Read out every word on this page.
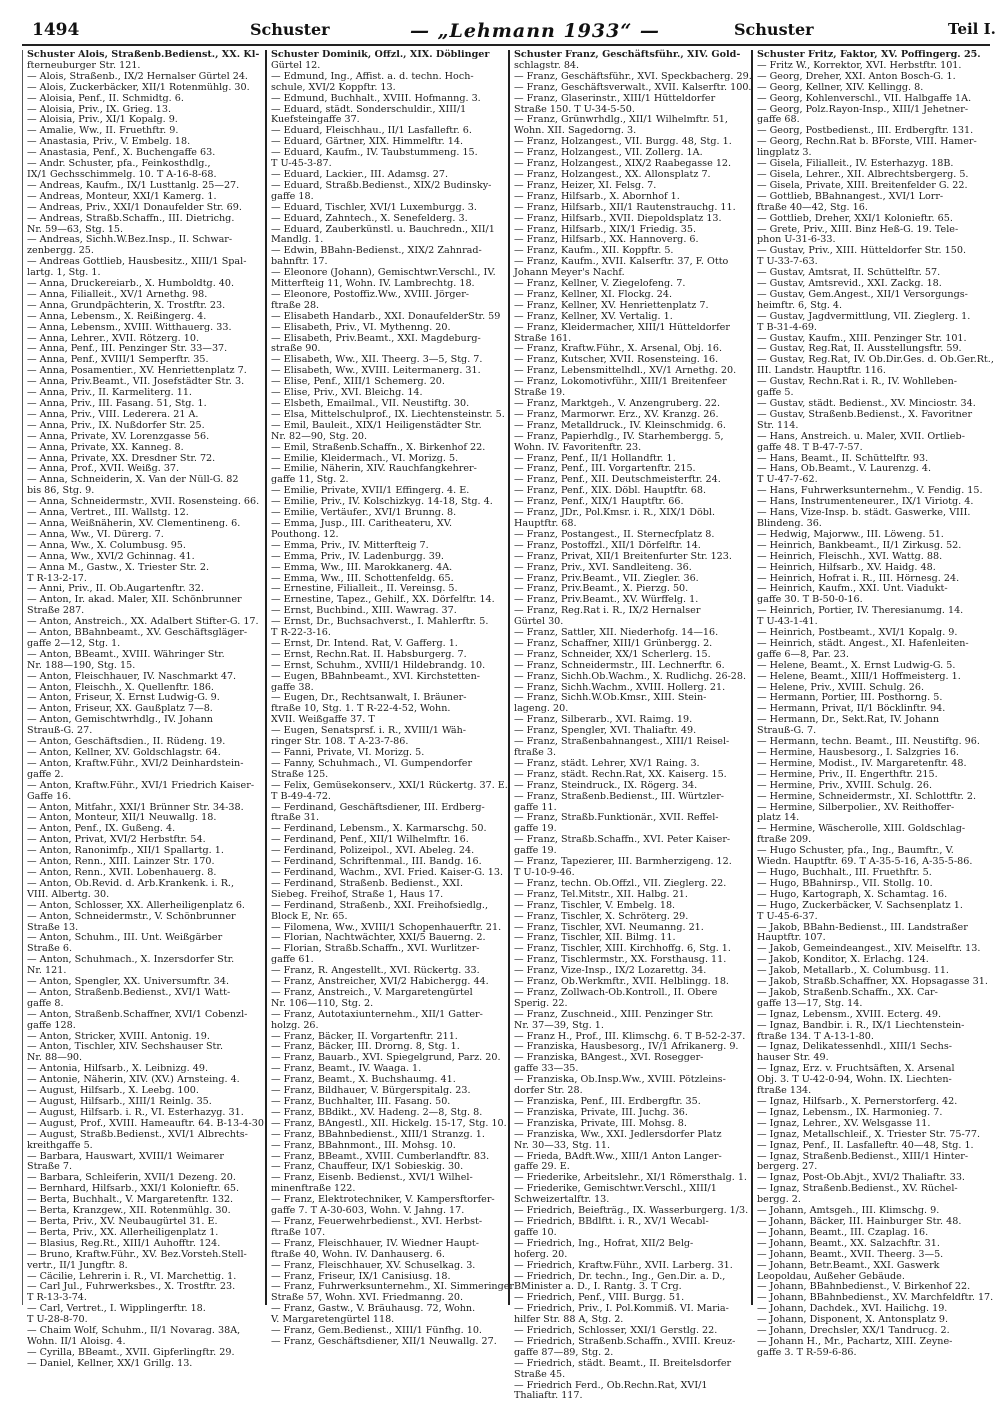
1494	Schuster	— „Lehmann 1933“ —	Schuster	Teil I.
Schuster Alois, Straßenb.Bedienst., XX. Kl-
fterneuburger Str. 121.
— Alois, Straßenb., IX/2 Hernalser Gürtel 24.
— Alois, Zuckerbäcker, XII/1 Rotenmühlg. 30.
— Aloisia, Penf., II. Schmidtg. 6.
— Aloisia, Priv., IX. Grieg. 13.
— Aloisia, Priv., XI/1 Kopalg. 9.
— Amalie, Ww., II. Fruethftr. 9.
— Anastasia, Priv., V. Embelg. 18.
— Anastasia, Penf., X. Buchengaffe 63.
— Andr. Schuster, pfa., Feinkosthdlg.,
IX/1 Gechsschimmelg. 10. T A-16-8-68.
— Andreas, Kaufm., IX/1 Lusttanlg. 25—27.
— Andreas, Monteur, XXI/1 Kamerg. 1.
— Andreas, Priv., XXI/1 Donaufelder Str. 69.
— Andreas, Straßb.Schaffn., III. Dietrichg.
Nr. 59—63, Stg. 15.
— Andreas, Sichh.W.Bez.Insp., II. Schwar-
zenbergg. 25.
— Andreas Gottlieb, Hausbesitz., XIII/1 Spal-
lartg. 1, Stg. 1.
— Anna, Druckereiarb., X. Humboldtg. 40.
— Anna, Filialleit., XV/1 Arnethg. 98.
— Anna, Grundpächterin, X. Trostftr. 23.
— Anna, Lebensm., X. Reißingerg. 4.
— Anna, Lebensm., XVIII. Witthauerg. 33.
— Anna, Lehrer., XVII. Rötzerg. 10.
— Anna, Penf., III. Penzinger Str. 33—37.
— Anna, Penf., XVIII/1 Semperftr. 35.
— Anna, Posamentier., XV. Henriettenplatz 7.
— Anna, Priv.Beamt., VII. Josefstädter Str. 3.
— Anna, Priv., II. Karmeliterg. 11.
— Anna, Priv., III. Fasang. 51, Stg. 1.
— Anna, Priv., VIII. Lederera. 21 A.
— Anna, Priv., IX. Nußdorfer Str. 25.
— Anna, Private, XV. Lorenzgasse 56.
— Anna, Private, XX. Kanneg. 8.
— Anna, Private, XX. Dresdner Str. 72.
— Anna, Prof., XVII. Weißg. 37.
— Anna, Schneiderin, X. Van der Nüll-G. 82
bis 86, Stg. 9.
— Anna, Schneidermstr., XVII. Rosensteing. 66.
— Anna, Vertret., III. Wallstg. 12.
— Anna, Weißnäherin, XV. Clementineng. 6.
— Anna, Ww., VI. Dürerg. 7.
— Anna, Ww., X. Columbusg. 95.
— Anna, Ww., XVI/2 Gchinnag. 41.
— Anna M., Gastw., X. Triester Str. 2.
T R-13-2-17.
— Anni, Priv., II. Ob.Augartenftr. 32.
— Anton, Ir. akad. Maler, XII. Schönbrunner
Straße 287.
— Anton, Anstreich., XX. Adalbert Stifter-G. 17.
— Anton, BBahnbeamt., XV. Geschäftsgläger-
gaffe 2—12, Stg. 1.
— Anton, BBeamt., XVIII. Währinger Str.
Nr. 188—190, Stg. 15.
— Anton, Fleischhauer, IV. Naschmarkt 47.
— Anton, Fleischh., X. Quellenftr. 186.
— Anton, Friseur, X. Ernst Ludwig-G. 9.
— Anton, Friseur, XX. Gaußplatz 7—8.
— Anton, Gemischtwrhdlg., IV. Johann
Strauß-G. 27.
— Anton, Geschäftsdien., II. Rüdeng. 19.
— Anton, Kellner, XV. Goldschlagstr. 64.
— Anton, Kraftw.Führ., XVI/2 Deinhardstein-
gaffe 2.
— Anton, Kraftw.Führ., XVI/1 Friedrich Kaiser-
Gaffe 16.
— Anton, Mitfahr., XXI/1 Brünner Str. 34-38.
— Anton, Monteur, XII/1 Neuwallg. 18.
— Anton, Penf., IX. Gußeng. 4.
— Anton, Privat, XVI/2 Herbstftr. 54.
— Anton, Ranonimfp., XII/1 Spallartg. 1.
— Anton, Renn., XIII. Lainzer Str. 170.
— Anton, Renn., XVII. Lobenhauerg. 8.
— Anton, Ob.Revid. d. Arb.Krankenk. i. R.,
VIII. Albertg. 30.
— Anton, Schlosser, XX. Allerheiligenplatz 6.
— Anton, Schneidermstr., V. Schönbrunner
Straße 13.
— Anton, Schuhm., III. Unt. Weißgärber
Straße 6.
— Anton, Schuhmach., X. Inzersdorfer Str.
Nr. 121.
— Anton, Spengler, XX. Universumftr. 34.
— Anton, Straßenb.Bedienst., XVI/1 Watt-
gaffe 8.
— Anton, Straßenb.Schaffner, XVI/1 Cobenzl-
gaffe 128.
— Anton, Stricker, XVIII. Antonig. 19.
— Anton, Tischler, XIV. Sechshauser Str.
Nr. 88—90.
— Antonia, Hilfsarb., X. Leibnizg. 49.
— Antonie, Näherin, XIV. (XV.) Arnsteing. 4.
— August, Hilfsarb., X. Leebg. 100.
— August, Hilfsarb., XIII/1 Reinlg. 35.
— August, Hilfsarb. i. R., VI. Esterhazyg. 31.
— August, Prof., XVIII. Hameauftr. 64. B-13-4-30
— August, Straßb.Bedienst., XVI/1 Albrechts-
kreithgaffe 5.
— Barbara, Hauswart, XVIII/1 Weimarer
Straße 7.
— Barbara, Schleiferin, XVII/1 Dezeng. 20.
— Bernhard, Hilfsarb., XXI/1 Kolonieftr. 65.
— Berta, Buchhalt., V. Margaretenftr. 132.
— Berta, Kranzgew., XII. Rotenmühlg. 30.
— Berta, Priv., XV. Neubaugürtel 31. E.
— Berta, Priv., XX. Allerheiligenplatz 1.
— Blasius, Reg.Rt., XIII/1 Auhofftr. 124.
— Bruno, Kraftw.Führ., XV. Bez.Vorsteh.Stell-
vertr., II/1 Jungftr. 8.
— Cäcilie, Lehrerin i. R., VI. Marchettig. 1.
— Carl Jul., Fuhrwerksbes., X. Trostftr. 23.
T R-13-3-74.
— Carl, Vertret., I. Wipplingerftr. 18.
T U-28-8-70.
— Chaim Wolf, Schuhm., II/1 Novarag. 38A,
Wohn. II/1 Aloisg. 4.
— Cyrilla, BBeamt., XVII. Gipferlingftr. 29.
— Daniel, Kellner, XX/1 Grillg. 13.
Schuster Dominik, Offzl., XIX. Döblinger
Gürtel 12.
— Edmund, Ing., Affist. a. d. techn. Hoch-
schule, XVI/2 Koppftr. 13.
— Edmund, Buchhalt., XVIII. Hofmanng. 3.
— Eduard, städt. Sonderschuldir., XIII/1
Kuefsteingaffe 37.
— Eduard, Fleischhau., II/1 Lasfalleftr. 6.
— Eduard, Gärtner, XIX. Himmelftr. 14.
— Eduard, Kaufm., IV. Taubstummeng. 15.
T U-45-3-87.
— Eduard, Lackier., III. Adamsg. 27.
— Eduard, Straßb.Bedienst., XIX/2 Budinsky-
gaffe 18.
— Eduard, Tischler, XVI/1 Luxemburgg. 3.
— Eduard, Zahntech., X. Senefelderg. 3.
— Eduard, Zauberkünstl. u. Bauchredn., XII/1
Mandlg. 1.
— Edwin, BBahn-Bedienst., XIX/2 Zahnrad-
bahnftr. 17.
— Eleonore (Johann), Gemischtwr.Verschl., IV.
Mitterfteig 11, Wohn. IV. Lambrechtg. 18.
— Eleonore, Postoffiz.Ww., XVIII. Jörger-
ftraße 28.
— Elisabeth Handarb., XXI. DonaufelderStr. 59
— Elisabeth, Priv., VI. Mythenng. 20.
— Elisabeth, Priv.Beamt., XXI. Magdeburg-
straße 90.
— Elisabeth, Ww., XII. Theerg. 3—5, Stg. 7.
— Elisabeth, Ww., XVIII. Leitermanerg. 31.
— Elise, Penf., XIII/1 Schemerg. 20.
— Elise, Priv., XVI. Bleichg. 14.
— Elsbeth, Emailmal., VII. Neustiftg. 30.
— Elsa, Mittelschulprof., IX. Liechtensteinstr. 5.
— Emil, Bauleit., XIX/1 Heiligenstädter Str.
Nr. 82—90, Stg. 20.
— Emil, Straßenb.Schaffn., X. Birkenhof 22.
— Emilie, Kleidermach., VI. Morizg. 5.
— Emilie, Näherin, XIV. Rauchfangkehrer-
gaffe 11, Stg. 2.
— Emilie, Private, XVII/1 Effingerg. 4. E.
— Emilie, Priv., IV. Kolschizkyg. 14-18, Stg. 4.
— Emilie, Vertäufer., XVI/1 Brunng. 8.
— Emma, Jusp., III. Caritheateru, XV.
Pouthong. 12.
— Emma, Priv., IV. Mitterfteig 7.
— Emma, Priv., IV. Ladenburgg. 39.
— Emma, Ww., III. Marokkanerg. 4A.
— Emma, Ww., III. Schottenfeldg. 65.
— Ernestine, Filialleit., II. Vereinsg. 5.
— Ernestine, Tapez., Gehilf., XX. Dörfelftr. 14.
— Ernst, Buchbind., XIII. Wawrag. 37.
— Ernst, Dr., Buchsachverst., I. Mahlerftr. 5.
T R-22-3-16.
— Ernst, Dr. Intend. Rat, V. Gafferg. 1.
— Ernst, Rechn.Rat. II. Habsburgerg. 7.
— Ernst, Schuhm., XVIII/1 Hildebrandg. 10.
— Eugen, BBahnbeamt., XVI. Kirchstetten-
gaffe 38.
— Eugen, Dr., Rechtsanwalt, I. Bräuner-
ftraße 10, Stg. 1. T R-22-4-52, Wohn.
XVII. Weißgaffe 37. T
— Eugen, Senatsprsf. i. R., XVIII/1 Wäh-
ringer Str. 108. T A-23-7-86.
— Fanni, Private, VI. Morizg. 5.
— Fanny, Schuhmach., VI. Gumpendorfer
Straße 125.
— Felix, Gemüsekonserv., XXI/1 Rückertg. 37. E.
T B-49-4-72.
— Ferdinand, Geschäftsdiener, III. Erdberg-
ftraße 31.
— Ferdinand, Lebensm., X. Karmarschg. 50.
— Ferdinand, Penf., XII/1 Wilhelmftr. 16.
— Ferdinand, Polizeipol., XVI. Abeleg. 24.
— Ferdinand, Schriftenmal., III. Bandg. 16.
— Ferdinand, Wachm., XVI. Fried. Kaiser-G. 13.
— Ferdinand, Straßenb. Bedienst., XXI.
Siebeg. Freihof, Straße 1, Haus 17.
— Ferdinand, Straßenb., XXI. Freihofsiedlg.,
Block E, Nr. 65.
— Filomena, Ww., XVIII/1 Schopenhauerftr. 21.
— Florian, Nachtwächter, XXI/5 Bauerng. 2.
— Florian, Straßb.Schaffn., XVI. Wurlitzer-
gaffe 61.
— Franz, R. Angestellt., XVI. Rückertg. 33.
— Franz, Anstreicher, XVI/2 Habichergg. 44.
— Franz, Anstreich., V. Margaretengürtel
Nr. 106—110, Stg. 2.
— Franz, Autotaxiunternehm., XII/1 Gatter-
holzg. 26.
— Franz, Bäcker, II. Vorgartenftr. 211.
— Franz, Bäcker, III. Drorng. 8, Stg. 1.
— Franz, Bauarb., XVI. Spiegelgrund, Parz. 20.
— Franz, Beamt., IV. Waaga. 1.
— Franz, Beamt., X. Buchshaumg. 41.
— Franz, Bildhauer, V. Bürgerspitalg. 23.
— Franz, Buchhalter, III. Fasang. 50.
— Franz, BBdikt., XV. Hadeng. 2—8, Stg. 8.
— Franz, BAngestl., XII. Hickelg. 15-17, Stg. 10.
— Franz, BBahnbedienst., XIII/1 Stranzg. 1.
— Franz, BBahnmont., III. Mohsg. 10.
— Franz, BBeamt., XVIII. Cumberlandftr. 83.
— Franz, Chauffeur, IX/1 Sobieskig. 30.
— Franz, Eisenb. Bedienst., XVI/1 Wilhel-
minenftraße 122.
— Franz, Elektrotechniker, V. Kampersftorfer-
gaffe 7. T A-30-603, Wohn. V. Jahng. 17.
— Franz, Feuerwehrbedienst., XVI. Herbst-
ftraße 107.
— Franz, Fleischhauer, IV. Wiedner Haupt-
ftraße 40, Wohn. IV. Danhauserg. 6.
— Franz, Fleischhauer, XV. Schuselkag. 3.
— Franz, Friseur, IX/1 Canisiusg. 18.
— Franz, Fuhrwerksunternehm., XI. Simmeringer
Straße 57, Wohn. XVI. Friedmanng. 20.
— Franz, Gastw., V. Bräuhausg. 72, Wohn.
V. Margaretengürtel 118.
— Franz, Gem.Bedienst., XIII/1 Fünfhg. 10.
— Franz, Geschäftsdiener, XII/1 Neuwallg. 27.
Schuster Franz, Geschäftsführ., XIV. Gold-
schlagstr. 84.
— Franz, Geschäftsführ., XVI. Speckbacherg. 29.
— Franz, Geschäftsverwalt., XVII. Kalserftr. 100.
— Franz, Glaserinstr., XIII/1 Hütteldorfer
Straße 150. T U-34-5-50.
— Franz, Grünwrhdlg., XII/1 Wilhelmftr. 51,
Wohn. XII. Sagedorng. 3.
— Franz, Holzangest., VII. Burgg. 48, Stg. 1.
— Franz, Holzangest., VII. Zollerg. 1A.
— Franz, Holzangest., XIX/2 Raabegasse 12.
— Franz, Holzangest., XX. Allonsplatz 7.
— Franz, Heizer, XI. Felsg. 7.
— Franz, Hilfsarb., X. Abornhof 1.
— Franz, Hilfsarb., XII/1 Rautenstrauchg. 11.
— Franz, Hilfsarb., XVII. Diepoldsplatz 13.
— Franz, Hilfsarb., XIX/1 Friedig. 35.
— Franz, Hilfsarb., XX. Hannoverg. 6.
— Franz, Kaufm., XII. Koppftr. 5.
— Franz, Kaufm., XVII. Kalserftr. 37, F. Otto
Johann Meyer's Nachf.
— Franz, Kellner, V. Ziegelofeng. 7.
— Franz, Kellner, XI. Flockg. 24.
— Franz, Kellner, XV. Henriettenplatz 7.
— Franz, Kellner, XV. Vertalig. 1.
— Franz, Kleidermacher, XIII/1 Hütteldorfer
Straße 161.
— Franz, Kraftw.Führ., X. Arsenal, Obj. 16.
— Franz, Kutscher, XVII. Rosensteing. 16.
— Franz, Lebensmittelhdl., XV/1 Arnethg. 20.
— Franz, Lokomotivführ., XIII/1 Breitenfeer
Straße 19.
— Franz, Marktgeh., V. Anzengruberg. 22.
— Franz, Marmorwr. Erz., XV. Kranzg. 26.
— Franz, Metalldruck., IV. Kleinschmidg. 6.
— Franz, Papierhdlg., IV. Starhembergg. 5,
Wohn. IV. Favoritenftr. 23.
— Franz, Penf., II/1 Hollandftr. 1.
— Franz, Penf., III. Vorgartenftr. 215.
— Franz, Penf., XII. Deutschmeisterftr. 24.
— Franz, Penf., XIX. Döbl. Hauptftr. 68.
— Franz, Penf., XIX/1 Hauptftr. 66.
— Franz, JDr., Pol.Kmsr. i. R., XIX/1 Döbl.
Hauptftr. 68.
— Franz, Postangest., II. Sternecfplatz 8.
— Franz, Postoffzl., XII/1 Dörfelftr. 14.
— Franz, Privat, XII/1 Breitenfurter Str. 123.
— Franz, Priv., XVI. Sandleiteng. 36.
— Franz, Priv.Beamt., VII. Ziegler. 36.
— Franz, Priv.Beamt., X. Pierzg. 50.
— Franz, Priv.Beamt., XV. Würffelg. 1.
— Franz, Reg.Rat i. R., IX/2 Hernalser
Gürtel 30.
— Franz, Sattler, XII. Niederhofg. 14—16.
— Franz, Schaffner, XIII/1 Grünbergg. 2.
— Franz, Schneider, XX/1 Scherlerg. 15.
— Franz, Schneidermstr., III. Lechnerftr. 6.
— Franz, Sichh.Ob.Wachm., X. Rudlichg. 26-28.
— Franz, Sichh.Wachm., XVIII. Hollerg. 21.
— Franz, Sichh.W.Ob.Kmsr., XIII. Stein-
lageng. 20.
— Franz, Silberarb., XVI. Raimg. 19.
— Franz, Spengler, XVI. Thaliaftr. 49.
— Franz, Straßenbahnangest., XIII/1 Reisel-
ftraße 3.
— Franz, städt. Lehrer, XV/1 Raing. 3.
— Franz, städt. Rechn.Rat, XX. Kaiserg. 15.
— Franz, Steindruck., IX. Rögerg. 34.
— Franz, Straßenb.Bedienst., III. Würtzler-
gaffe 11.
— Franz, Straßb.Funktionär., XVII. Reffel-
gaffe 19.
— Franz, Straßb.Schaffn., XVI. Peter Kaiser-
gaffe 19.
— Franz, Tapezierer, III. Barmherzigeng. 12.
T U-10-9-46.
— Franz, techn. Ob.Offzl., VII. Zieglerg. 22.
— Franz, Tel.Mitstr., XII. Halbg. 21.
— Franz, Tischler, V. Embelg. 18.
— Franz, Tischler, X. Schröterg. 29.
— Franz, Tischler, XVI. Neumanng. 21.
— Franz, Tischler, XII. Bilmg. 11.
— Franz, Tischler, XIII. Kirchhoffg. 6, Stg. 1.
— Franz, Tischlermstr., XX. Forsthausg. 11.
— Franz, Vize-Insp., IX/2 Lozarettg. 34.
— Franz, Ob.Werkmftr., XVII. Helblingg. 18.
— Franz, Zollwach-Ob.Kontroll., II. Obere
Sperig. 22.
— Franz, Zuschneid., XIII. Penzinger Str.
Nr. 37—39, Stg. 1.
— Franz H., Prof., III. Klimschg. 6. T B-52-2-37.
— Franziska, Hausbesorg., IV/1 Afrikanerg. 9.
— Franziska, BAngest., XVI. Rosegger-
gaffe 33—35.
— Franziska, Ob.Insp.Ww., XVIII. Pötzleins-
dorfer Str. 28.
— Franziska, Penf., III. Erdbergftr. 35.
— Franziska, Private, III. Juchg. 36.
— Franziska, Private, III. Mohsg. 8.
— Franziska, Ww., XXI. Jedlersdorfer Platz
Nr. 30—33, Stg. 11.
— Frieda, BAdft.Ww., XIII/1 Anton Langer-
gaffe 29. E.
— Friederike, Arbeitslehr., XI/1 Römersthalg. 1.
— Friederike, Gemischtwr.Verschl., XIII/1
Schweizertalftr. 13.
— Friedrich, Beiefträg., IX. Wasserburgerg. 1/3.
— Friedrich, BBdlftt. i. R., XV/1 Wecabl-
gaffe 10.
— Friedrich, Ing., Hofrat, XII/2 Belg-
hoferg. 20.
— Friedrich, Kraftw.Führ., XVII. Larberg. 31.
— Friedrich, Dr. techn., Ing., Gen.Dir. a. D.,
BMinister a. D., I. Rantg. 3. T Crg.
— Friedrich, Penf., VIII. Burgg. 51.
— Friedrich, Priv., I. Pol.Kommiß. VI. Maria-
hilfer Str. 88 A, Stg. 2.
— Friedrich, Schlosser, XXI/1 Gerstlg. 22.
— Friedrich, Straßenb.Schaffn., XVIII. Kreuz-
gaffe 87—89, Stg. 2.
— Friedrich, städt. Beamt., II. Breitelsdorfer
Straße 45.
— Friedrich Ferd., Ob.Rechn.Rat, XVI/1
Thaliaftr. 117.
Schuster Fritz, Faktor, XV. Poffingerg. 25.
— Fritz W., Korrektor, XVI. Herbstftr. 101.
— Georg, Dreher, XXI. Anton Bosch-G. 1.
— Georg, Kellner, XIV. Kellingg. 8.
— Georg, Kohlenverschl., VII. Halbgaffe 1A.
— Georg, Polz.Rayon-Insp., XIII/1 Jehetner-
gaffe 68.
— Georg, Postbedienst., III. Erdbergftr. 131.
— Georg, Rechn.Rat b. BForste, VIII. Hamer-
lingplatz 3.
— Gisela, Filialleit., IV. Esterhazyg. 18B.
— Gisela, Lehrer., XII. Albrechtsbergerg. 5.
— Gisela, Private, XIII. Breitenfelder G. 22.
— Gottlieb, BBahnangest., XVI/1 Lorr-
ftraße 40—42, Stg. 16.
— Gottlieb, Dreher, XXI/1 Kolonieftr. 65.
— Grete, Priv., XIII. Binz Heß-G. 19. Tele-
phon U-31-6-33.
— Gustav, Priv., XIII. Hütteldorfer Str. 150.
T U-33-7-63.
— Gustav, Amtsrat, II. Schüttelftr. 57.
— Gustav, Amtsrevid., XXI. Zackg. 18.
— Gustav, Gem.Angest., XII/1 Versorgungs-
heimftr. 6, Stg. 4.
— Gustav, Jagdvermittlung, VII. Zieglerg. 1.
T B-31-4-69.
— Gustav, Kaufm., XIII. Penzinger Str. 101.
— Gustav, Reg.Rat, II. Ausstellungsftr. 59.
— Gustav, Reg.Rat, IV. Ob.Dir.Ges. d. Ob.Ger.Rt.,
III. Landstr. Hauptftr. 116.
— Gustav, Rechn.Rat i. R., IV. Wohlleben-
gaffe 5.
— Gustav, städt. Bedienst., XV. Minciostr. 34.
— Gustav, Straßenb.Bedienst., X. Favoritner
Str. 114.
— Hans, Anstreich. u. Maler, XVII. Ortlieb-
gaffe 48. T B-47-7-57.
— Hans, Beamt., II. Schüttelftr. 93.
— Hans, Ob.Beamt., V. Laurenzg. 4.
T U-47-7-62.
— Hans, Fuhrwerksunternehm., V. Fendig. 15.
— Hans, Instrumenteneurer., IX/1 Viriotg. 4.
— Hans, Vize-Insp. b. städt. Gaswerke, VIII.
Blindeng. 36.
— Hedwig, Majorww., III. Löweng. 51.
— Heinrich, Bankbeamt., II/1 Zirkusg. 52.
— Heinrich, Fleischh., XVI. Wattg. 88.
— Heinrich, Hilfsarb., XV. Haidg. 48.
— Heinrich, Hofrat i. R., III. Hörnesg. 24.
— Heinrich, Kaufm., XXI. Unt. Viadukt-
gaffe 30. T B-50-0-16.
— Heinrich, Portier, IV. Theresianumg. 14.
T U-43-1-41.
— Heinrich, Postbeamt., XVI/1 Kopalg. 9.
— Heinrich, städt. Angest., XI. Hafenleiten-
gaffe 6—8, Par. 23.
— Helene, Beamt., X. Ernst Ludwig-G. 5.
— Helene, Beamt., XIII/1 Hoffmeisterg. 1.
— Helene, Priv., XVIII. Schulg. 26.
— Hermann, Portier, III. Posthorng. 5.
— Hermann, Privat, II/1 Böcklinftr. 94.
— Hermann, Dr., Sekt.Rat, IV. Johann
Strauß-G. 7.
— Hermann, techn. Beamt., III. Neustiftg. 96.
— Hermine, Hausbesorg., I. Salzgries 16.
— Hermine, Modist., IV. Margaretenftr. 48.
— Hermine, Priv., II. Engerthftr. 215.
— Hermine, Priv., XVIII. Schulg. 26.
— Hermine, Schneidermstr., XI. Schlottftr. 2.
— Hermine, Silberpolier., XV. Reithoffer-
platz 14.
— Hermine, Wäscherolle, XIII. Goldschlag-
ftraße 209.
— Hugo Schuster, pfa., Ing., Baumftr., V.
Wiedn. Hauptftr. 69. T A-35-5-16, A-35-5-86.
— Hugo, Buchhalt., III. Fruethftr. 5.
— Hugo, BBahnirsp., VII. Stollg. 10.
— Hugo, Kartograph, X. Schamtag. 16.
— Hugo, Zuckerbäcker, V. Sachsenplatz 1.
T U-45-6-37.
— Jakob, BBahn-Bedienst., III. Landstraßer
Hauptftr. 107.
— Jakob, Gemeindeangest., XIV. Meiselftr. 13.
— Jakob, Konditor, X. Erlachg. 124.
— Jakob, Metallarb., X. Columbusg. 11.
— Jakob, Straßb.Schaffner, XX. Hopsagasse 31.
— Jakob, Straßenb.Schaffn., XX. Car-
gaffe 13—17, Stg. 14.
— Ignaz, Lebensm., XVIII. Ecterg. 49.
— Ignaz, Bandbir. i. R., IX/1 Liechtenstein-
ftraße 134. T A-13-1-80.
— Ignaz, Delikatessenhdl., XIII/1 Sechs-
hauser Str. 49.
— Ignaz, Erz. v. Fruchtsäften, X. Arsenal
Obj. 3. T U-42-0-94, Wohn. IX. Liechten-
ftraße 134.
— Ignaz, Hilfsarb., X. Pernerstorferg. 42.
— Ignaz, Lebensm., IX. Harmonieg. 7.
— Ignaz, Lehrer., XV. Welsgasse 11.
— Ignaz, Metallschleif., X. Triester Str. 75-77.
— Ignaz, Penf., II. Lasfalleftr. 40—48, Stg. 1.
— Ignaz, Straßenb.Bedienst., XIII/1 Hinter-
bergerg. 27.
— Ignaz, Post-Ob.Abjt., XVI/2 Thaliaftr. 33.
— Ignaz, Straßenb.Bedienst., XV. Rüchel-
bergg. 2.
— Johann, Amtsgeh., III. Klimschg. 9.
— Johann, Bäcker, III. Hainburger Str. 48.
— Johann, Beamt., III. Czaplag. 16.
— Johann, Beamt., XX. Salzachftr. 31.
— Johann, Beamt., XVII. Theerg. 3—5.
— Johann, Betr.Beamt., XXI. Gaswerk
Leopoldau, Außeher Gebäude.
— Johann, BBahnbedienst., V. Birkenhof 22.
— Johann, BBahnbedienst., XV. Marchfeldftr. 17.
— Johann, Dachdek., XVI. Hailichg. 19.
— Johann, Disponent, X. Antonsplatz 9.
— Johann, Drechsler, XX/1 Tandrucg. 2.
— Johann H., Mr., Pachartz, XIII. Zeyne-
gaffe 3. T R-59-6-86.
